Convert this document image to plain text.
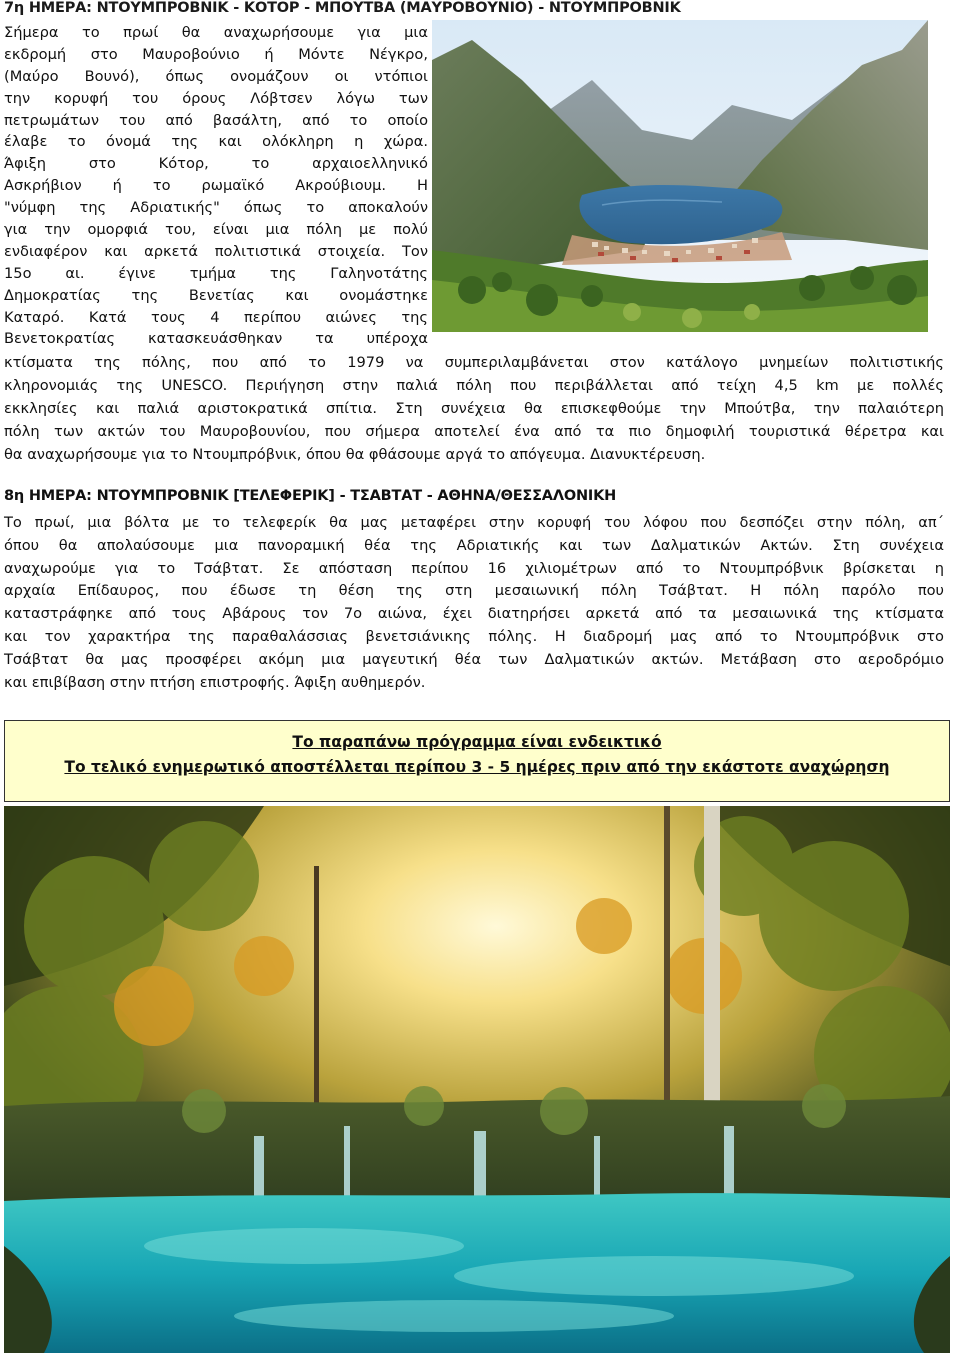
7η ΗΜΕΡΑ: ΝΤΟΥΜΠΡΟΒΝΙΚ - ΚΟΤΟΡ - ΜΠΟΥΤΒΑ (ΜΑΥΡΟΒΟΥΝΙΟ) - ΝΤΟΥΜΠΡΟΒΝΙΚ
Σήμερα το πρωί θα αναχωρήσουμε για μια
εκδρομή στο Μαυροβούνιο ή Μόντε Νέγκρο,
(Μαύρο Βουνό), όπως ονομάζουν οι ντόπιοι
την κορυφή του όρους Λόβτσεν λόγω των
πετρωμάτων του από βασάλτη, από το οποίο
έλαβε το όνομά της και ολόκληρη η χώρα.
Άφιξη στο Κότορ, το αρχαιοελληνικό
Ασκρήβιον ή το ρωμαϊκό Ακρούβιουμ. Η
"νύμφη της Αδριατικής" όπως το αποκαλούν
για την ομορφιά του, είναι μια πόλη με πολύ
ενδιαφέρον και αρκετά πολιτιστικά στοιχεία. Τον
15ο αι. έγινε τμήμα της Γαληνοτάτης
Δημοκρατίας της Βενετίας και ονομάστηκε
Καταρό. Κατά τους 4 περίπου αιώνες της
Βενετοκρατίας κατασκευάσθηκαν τα υπέροχα
κτίσματα της πόλης, που από το 1979 να συμπεριλαμβάνεται στον κατάλογο μνημείων πολιτιστικής
κληρονομιάς της UNESCO. Περιήγηση στην παλιά πόλη που περιβάλλεται από τείχη 4,5 km με πολλές
εκκλησίες και παλιά αριστοκρατικά σπίτια. Στη συνέχεια θα επισκεφθούμε την Μπούτβα, την παλαιότερη
πόλη των ακτών του Μαυροβουνίου, που σήμερα αποτελεί ένα από τα πιο δημοφιλή τουριστικά θέρετρα και
θα αναχωρήσουμε για το Ντουμπρόβνικ, όπου θα φθάσουμε αργά το απόγευμα. Διανυκτέρευση.
8η ΗΜΕΡΑ: ΝΤΟΥΜΠΡΟΒΝΙΚ [ΤΕΛΕΦΕΡΙΚ] - ΤΣΑΒΤΑΤ - ΑΘΗΝΑ/ΘΕΣΣΑΛΟΝΙΚΗ
Το πρωί, μια βόλτα με το τελεφερίκ θα μας μεταφέρει στην κορυφή του λόφου που δεσπόζει στην πόλη, απ΄
όπου θα απολαύσουμε μια πανοραμική θέα της Αδριατικής και των Δαλματικών Ακτών. Στη συνέχεια
αναχωρούμε για το Τσάβτατ. Σε απόσταση περίπου 16 χιλιομέτρων από το Ντουμπρόβνικ βρίσκεται η
αρχαία Επίδαυρος, που έδωσε τη θέση της στη μεσαιωνική πόλη Τσάβτατ. Η πόλη παρόλο που
καταστράφηκε από τους Αβάρους τον 7ο αιώνα, έχει διατηρήσει αρκετά από τα μεσαιωνικά της κτίσματα
και τον χαρακτήρα της παραθαλάσσιας βενετσιάνικης πόλης. Η διαδρομή μας από το Ντουμπρόβνικ στο
Τσάβτατ θα μας προσφέρει ακόμη μια μαγευτική θέα των Δαλματικών ακτών. Μετάβαση στο αεροδρόμιο
και επιβίβαση στην πτήση επιστροφής. Άφιξη αυθημερόν.
Το παραπάνω πρόγραμμα είναι ενδεικτικό
Το τελικό ενημερωτικό αποστέλλεται περίπου 3 - 5 ημέρες πριν από την εκάστοτε αναχώρηση
